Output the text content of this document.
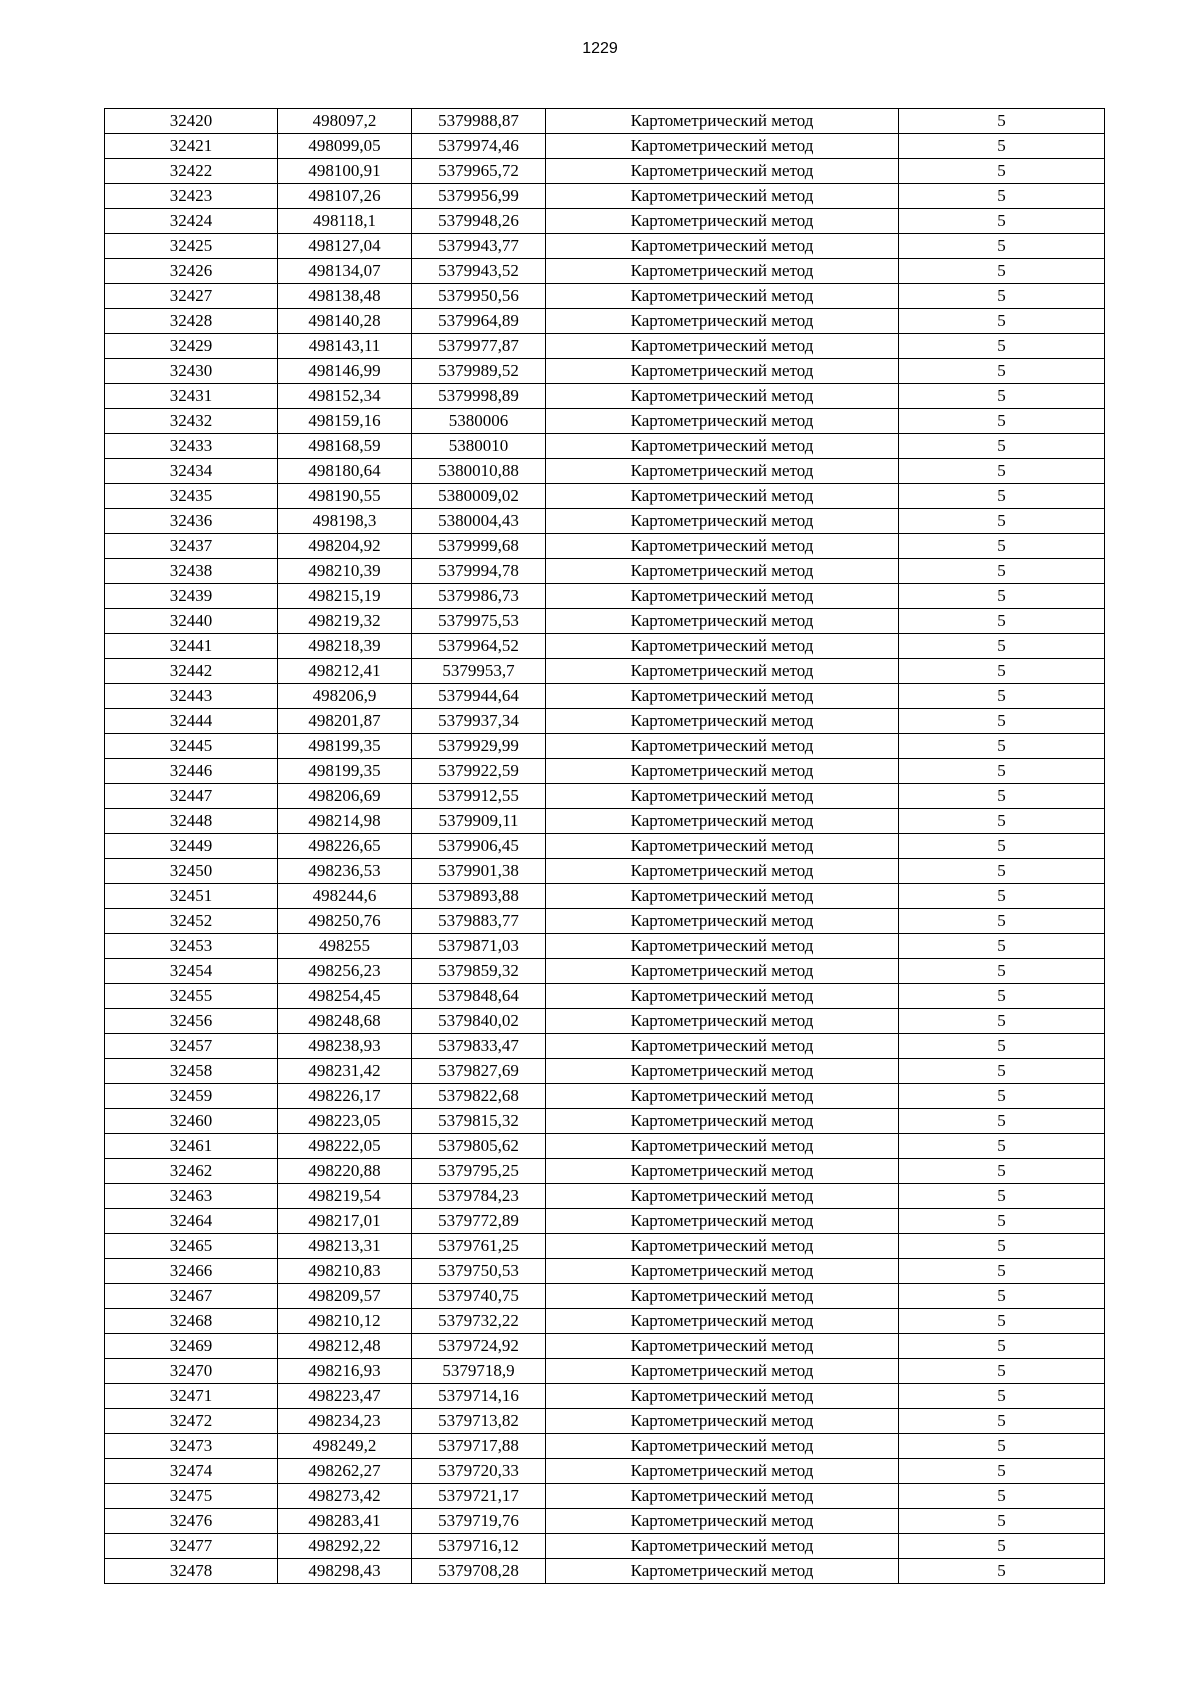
1229
32420	498097,2	5379988,87	Картометрический метод	5
32421	498099,05	5379974,46	Картометрический метод	5
32422	498100,91	5379965,72	Картометрический метод	5
32423	498107,26	5379956,99	Картометрический метод	5
32424	498118,1	5379948,26	Картометрический метод	5
32425	498127,04	5379943,77	Картометрический метод	5
32426	498134,07	5379943,52	Картометрический метод	5
32427	498138,48	5379950,56	Картометрический метод	5
32428	498140,28	5379964,89	Картометрический метод	5
32429	498143,11	5379977,87	Картометрический метод	5
32430	498146,99	5379989,52	Картометрический метод	5
32431	498152,34	5379998,89	Картометрический метод	5
32432	498159,16	5380006	Картометрический метод	5
32433	498168,59	5380010	Картометрический метод	5
32434	498180,64	5380010,88	Картометрический метод	5
32435	498190,55	5380009,02	Картометрический метод	5
32436	498198,3	5380004,43	Картометрический метод	5
32437	498204,92	5379999,68	Картометрический метод	5
32438	498210,39	5379994,78	Картометрический метод	5
32439	498215,19	5379986,73	Картометрический метод	5
32440	498219,32	5379975,53	Картометрический метод	5
32441	498218,39	5379964,52	Картометрический метод	5
32442	498212,41	5379953,7	Картометрический метод	5
32443	498206,9	5379944,64	Картометрический метод	5
32444	498201,87	5379937,34	Картометрический метод	5
32445	498199,35	5379929,99	Картометрический метод	5
32446	498199,35	5379922,59	Картометрический метод	5
32447	498206,69	5379912,55	Картометрический метод	5
32448	498214,98	5379909,11	Картометрический метод	5
32449	498226,65	5379906,45	Картометрический метод	5
32450	498236,53	5379901,38	Картометрический метод	5
32451	498244,6	5379893,88	Картометрический метод	5
32452	498250,76	5379883,77	Картометрический метод	5
32453	498255	5379871,03	Картометрический метод	5
32454	498256,23	5379859,32	Картометрический метод	5
32455	498254,45	5379848,64	Картометрический метод	5
32456	498248,68	5379840,02	Картометрический метод	5
32457	498238,93	5379833,47	Картометрический метод	5
32458	498231,42	5379827,69	Картометрический метод	5
32459	498226,17	5379822,68	Картометрический метод	5
32460	498223,05	5379815,32	Картометрический метод	5
32461	498222,05	5379805,62	Картометрический метод	5
32462	498220,88	5379795,25	Картометрический метод	5
32463	498219,54	5379784,23	Картометрический метод	5
32464	498217,01	5379772,89	Картометрический метод	5
32465	498213,31	5379761,25	Картометрический метод	5
32466	498210,83	5379750,53	Картометрический метод	5
32467	498209,57	5379740,75	Картометрический метод	5
32468	498210,12	5379732,22	Картометрический метод	5
32469	498212,48	5379724,92	Картометрический метод	5
32470	498216,93	5379718,9	Картометрический метод	5
32471	498223,47	5379714,16	Картометрический метод	5
32472	498234,23	5379713,82	Картометрический метод	5
32473	498249,2	5379717,88	Картометрический метод	5
32474	498262,27	5379720,33	Картометрический метод	5
32475	498273,42	5379721,17	Картометрический метод	5
32476	498283,41	5379719,76	Картометрический метод	5
32477	498292,22	5379716,12	Картометрический метод	5
32478	498298,43	5379708,28	Картометрический метод	5
